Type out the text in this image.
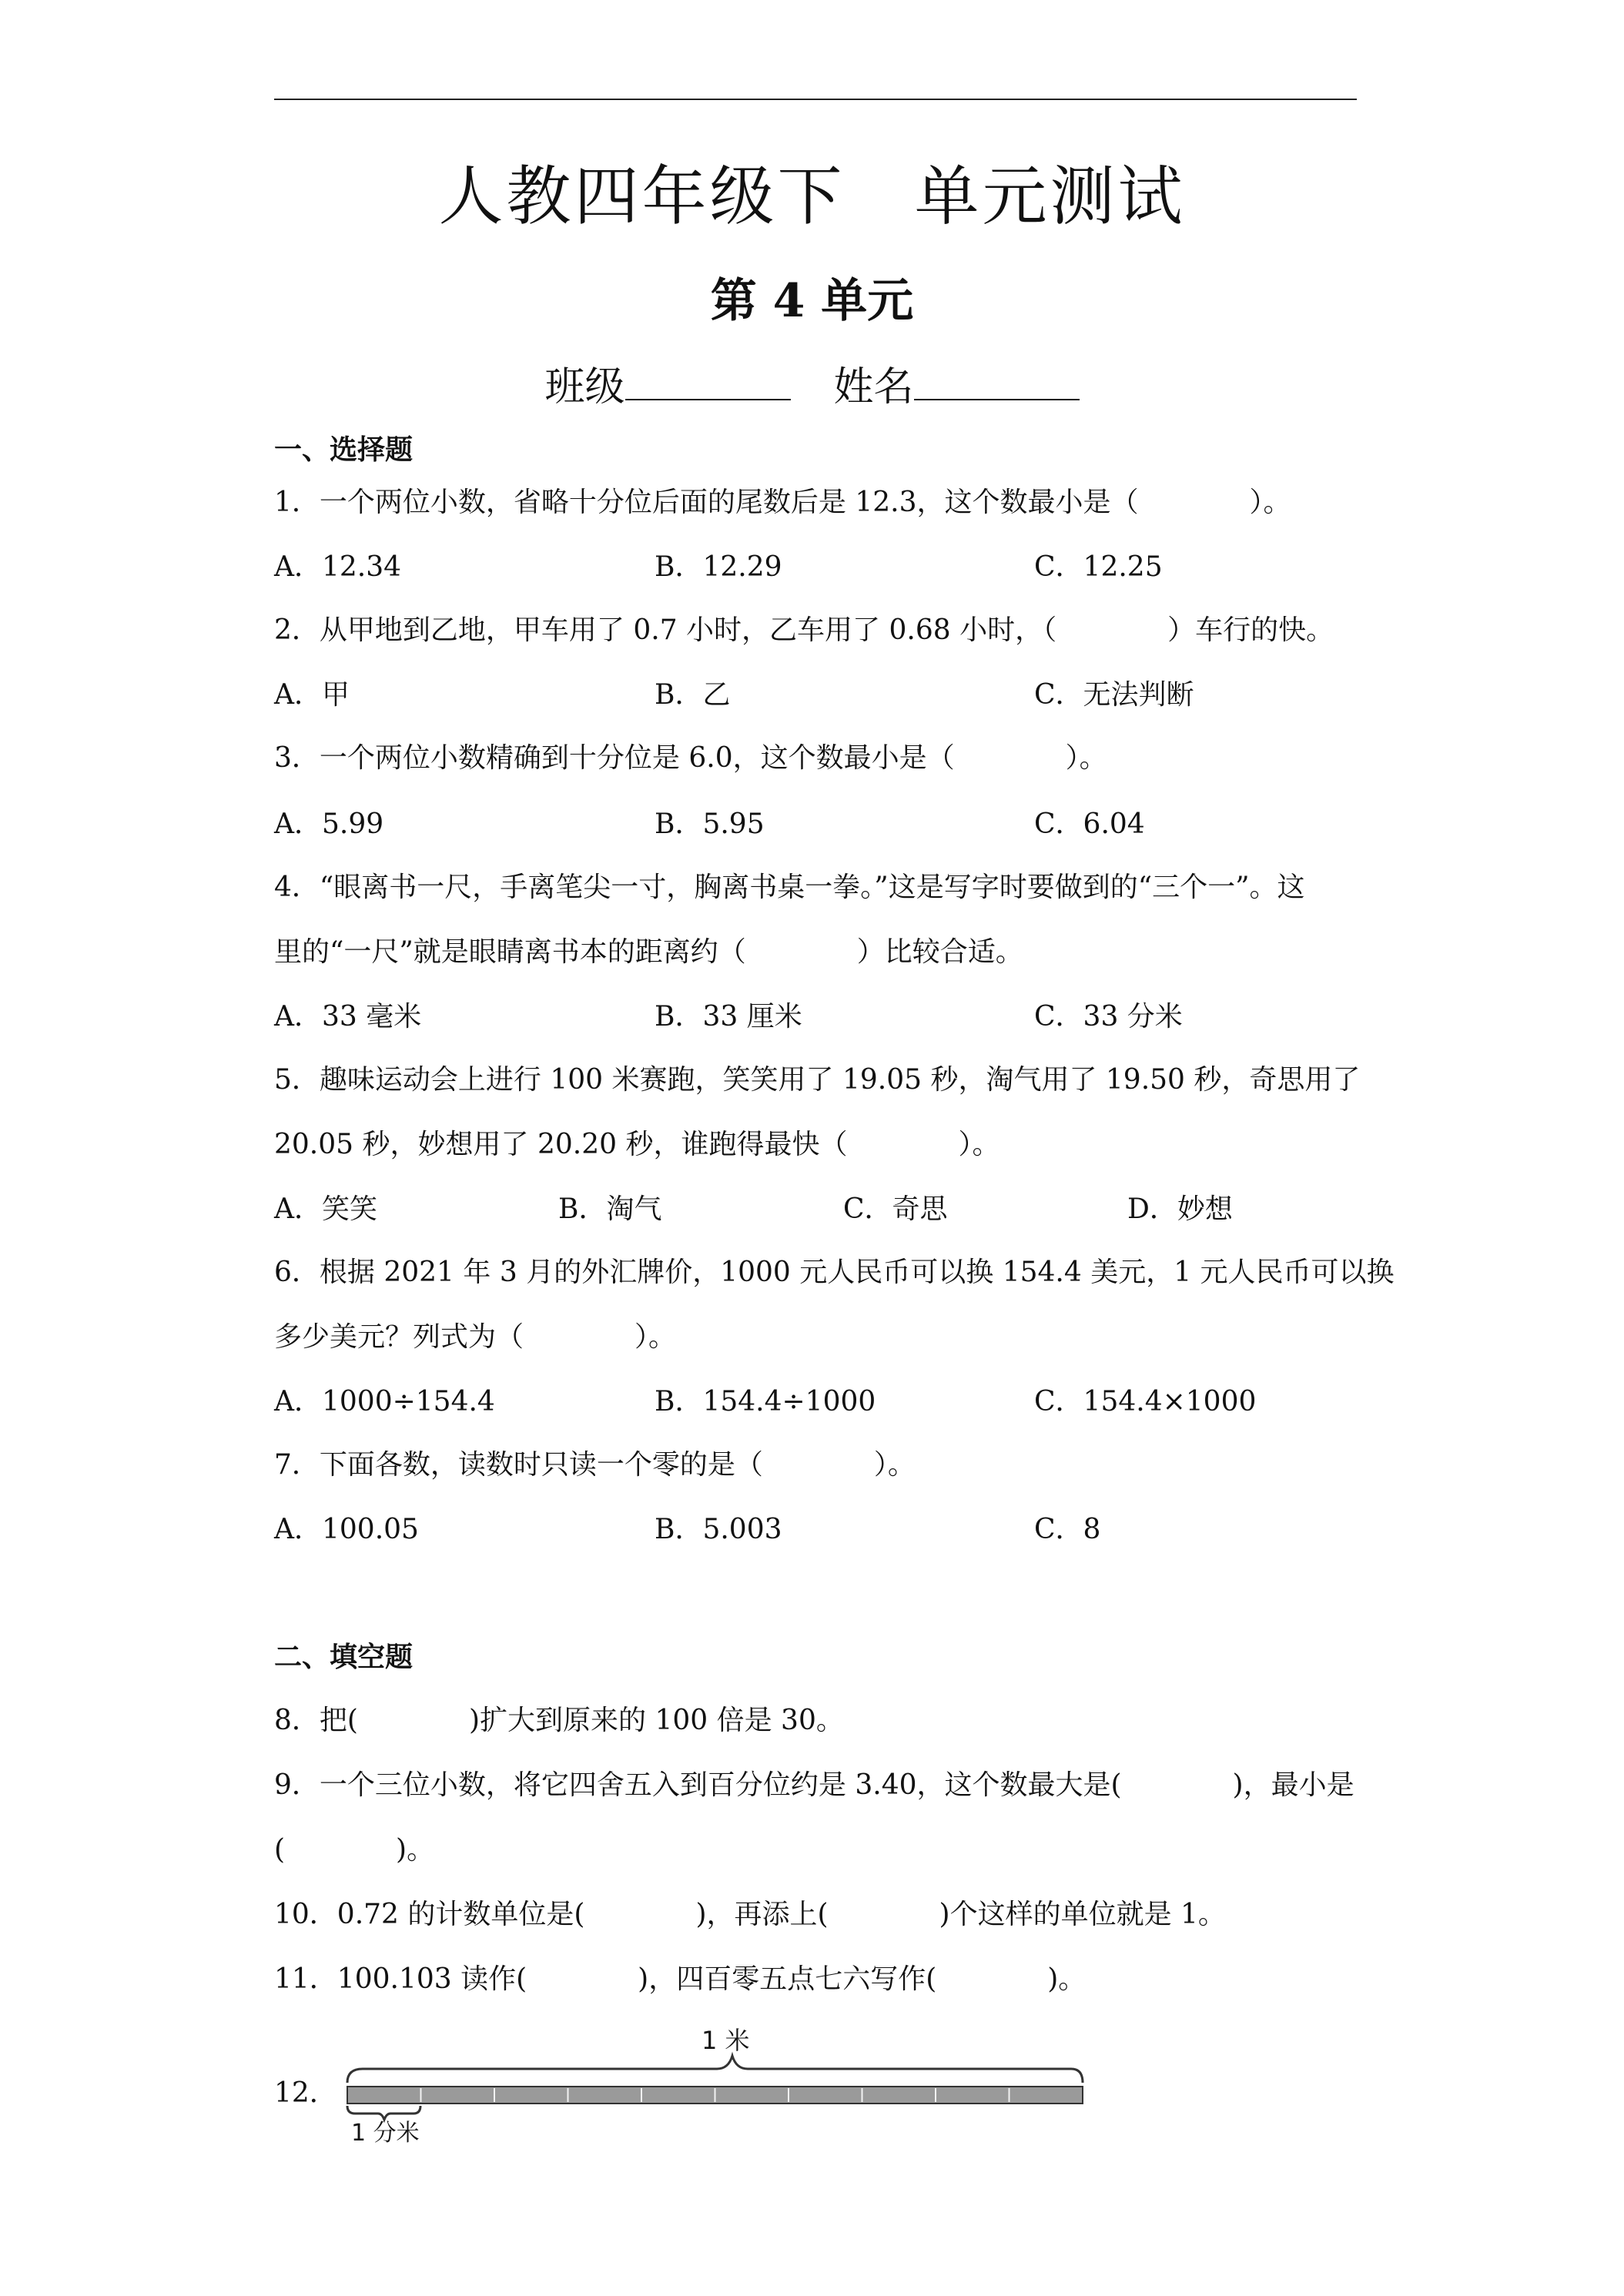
人教四年级下 单元测试
第 4 单元
班级	姓名
一、选择题
1．一个两位小数，省略十分位后面的尾数后是 12.3，这个数最小是（　　　　）。
A．12.34	B．12.29	C．12.25
2．从甲地到乙地，甲车用了 0.7 小时，乙车用了 0.68 小时，（　　　　）车行的快。
A．甲	B．乙	C．无法判断
3．一个两位小数精确到十分位是 6.0，这个数最小是（　　　　）。
A．5.99	B．5.95	C．6.04
4．“眼离书一尺，手离笔尖一寸，胸离书桌一拳。”这是写字时要做到的“三个一”。这
里的“一尺”就是眼睛离书本的距离约（　　　　）比较合适。
A．33 毫米	B．33 厘米	C．33 分米
5．趣味运动会上进行 100 米赛跑，笑笑用了 19.05 秒，淘气用了 19.50 秒，奇思用了
20.05 秒，妙想用了 20.20 秒，谁跑得最快（　　　　）。
A．笑笑	B．淘气	C．奇思	D．妙想
6．根据 2021 年 3 月的外汇牌价，1000 元人民币可以换 154.4 美元，1 元人民币可以换
多少美元？列式为（　　　　）。
A．1000÷154.4	B．154.4÷1000	C．154.4×1000
7．下面各数，读数时只读一个零的是（　　　　）。
A．100.05	B．5.003	C．8
二、填空题
8．把(　　　　)扩大到原来的 100 倍是 30。
9．一个三位小数，将它四舍五入到百分位约是 3.40，这个数最大是(　　　　)，最小是
(　　　　)。
10．0.72 的计数单位是(　　　　)，再添上(　　　　)个这样的单位就是 1。
11．100.103 读作(　　　　)，四百零五点七六写作(　　　　)。
12．
1 米
1 分米
